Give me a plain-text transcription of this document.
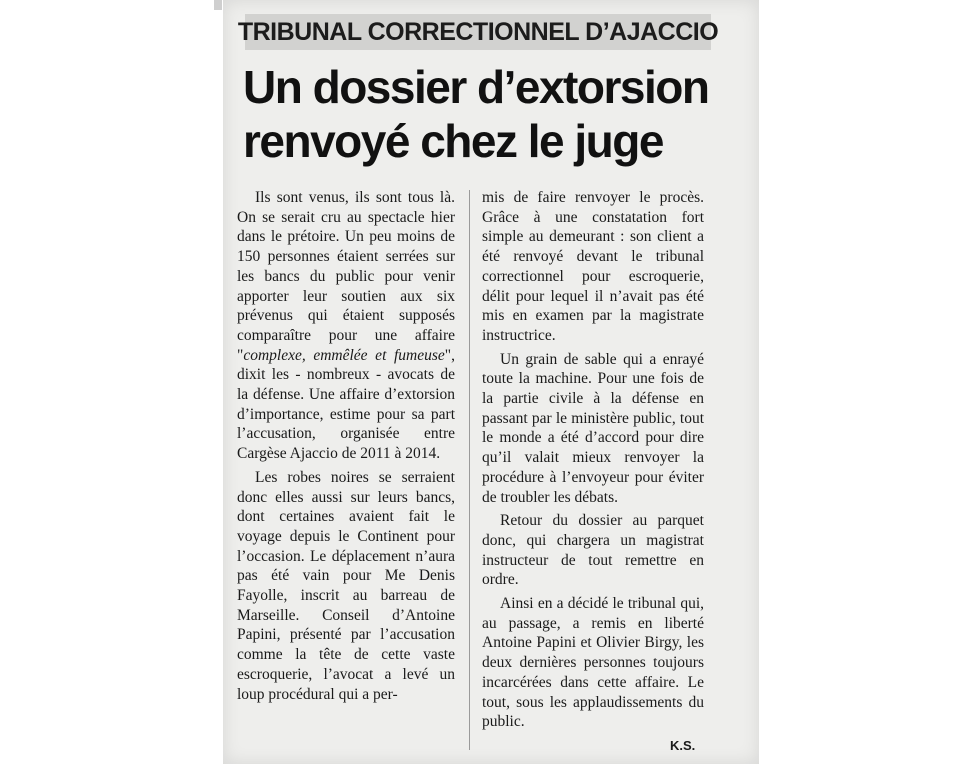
TRIBUNAL CORRECTIONNEL D’AJACCIO
Un dossier d’extorsion
renvoyé chez le juge

Ils sont venus, ils sont tous là. On se serait cru au spectacle hier dans le prétoire. Un peu moins de 150 personnes étaient serrées sur les bancs du public pour venir apporter leur soutien aux six prévenus qui étaient supposés comparaître pour une affaire "complexe, emmêlée et fumeuse", dixit les - nombreux - avocats de la défense. Une affaire d’extorsion d’importance, estime pour sa part l’accusation, organisée entre Cargèse Ajaccio de 2011 à 2014.

Les robes noires se serraient donc elles aussi sur leurs bancs, dont certaines avaient fait le voyage depuis le Continent pour l’occasion. Le déplacement n’aura pas été vain pour Me Denis Fayolle, inscrit au barreau de Marseille. Conseil d’Antoine Papini, présenté par l’accusation comme la tête de cette vaste escroquerie, l’avocat a levé un loup procédural qui a per-

mis de faire renvoyer le procès. Grâce à une constatation fort simple au demeurant : son client a été renvoyé devant le tribunal correctionnel pour escroquerie, délit pour lequel il n’avait pas été mis en examen par la magistrate instructrice.

Un grain de sable qui a enrayé toute la machine. Pour une fois de la partie civile à la défense en passant par le ministère public, tout le monde a été d’accord pour dire qu’il valait mieux renvoyer la procédure à l’envoyeur pour éviter de troubler les débats.

Retour du dossier au parquet donc, qui chargera un magistrat instructeur de tout remettre en ordre.

Ainsi en a décidé le tribunal qui, au passage, a remis en liberté Antoine Papini et Olivier Birgy, les deux dernières personnes toujours incarcérées dans cette affaire. Le tout, sous les applaudissements du public.

K.S.
